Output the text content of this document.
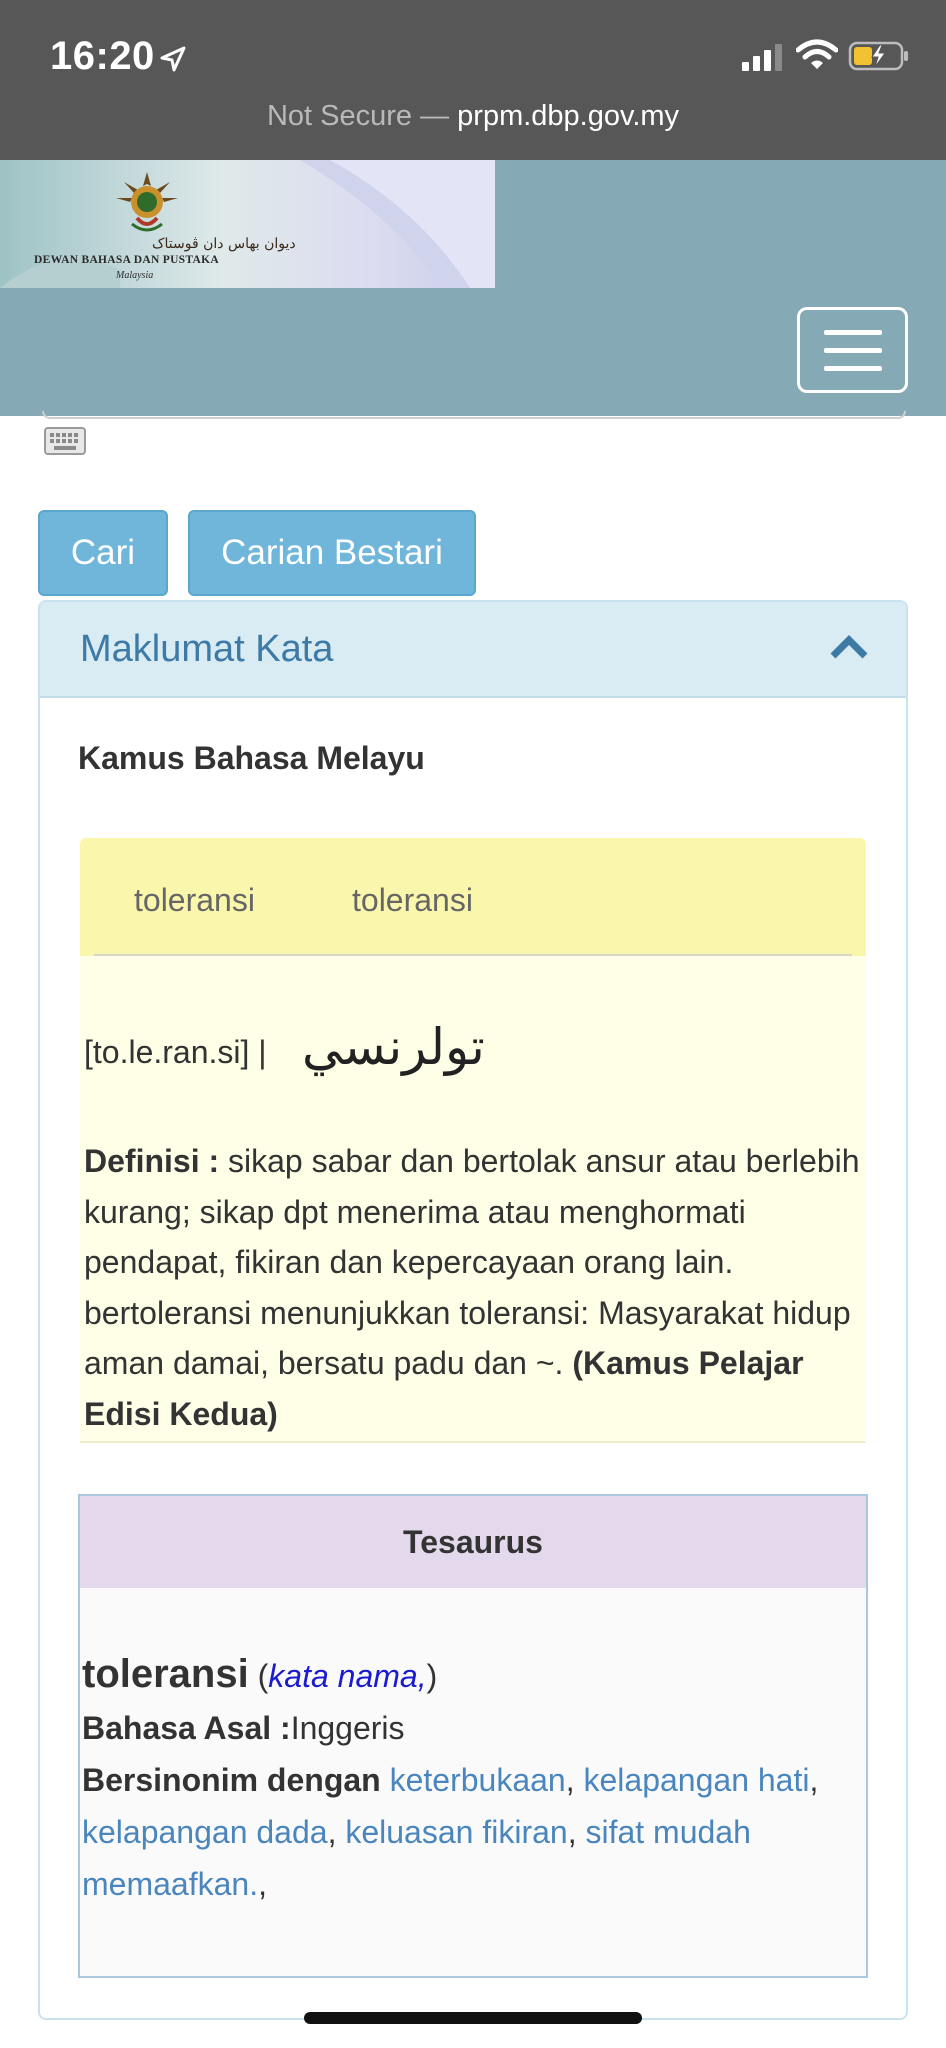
16:20
Not Secure — prpm.dbp.gov.my
ديوان بهاس دان ڤوستاک
DEWAN BAHASA DAN PUSTAKA
Malaysia
Cari	Carian Bestari
Maklumat Kata
Kamus Bahasa Melayu
toleransi	toleransi
[to.le.ran.si] | تولرنسي
Definisi : sikap sabar dan bertolak ansur atau berlebih kurang; sikap dpt menerima atau menghormati pendapat, fikiran dan kepercayaan orang lain. bertoleransi menunjukkan toleransi: Masyarakat hidup aman damai, bersatu padu dan ~. (Kamus Pelajar Edisi Kedua)
Tesaurus
toleransi (kata nama,)
Bahasa Asal :Inggeris
Bersinonim dengan keterbukaan, kelapangan hati, kelapangan dada, keluasan fikiran, sifat mudah memaafkan.,
